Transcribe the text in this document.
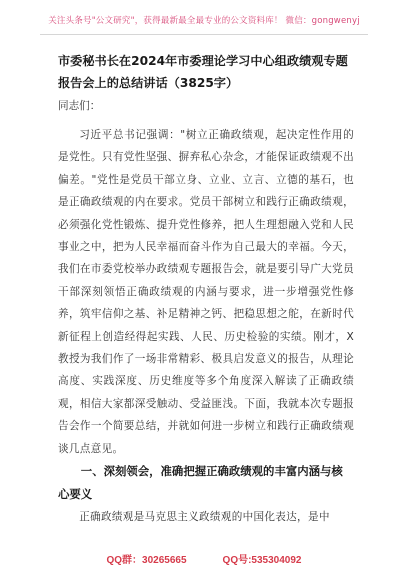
关注头条号"公文研究"，获得最新最全最专业的公文资料库！ 微信：gongwenyj

市委秘书长在2024年市委理论学习中心组政绩观专题报告会上的总结讲话（3825字）

同志们：

习近平总书记强调："树立正确政绩观，起决定性作用的是党性。只有党性坚强、摒弃私心杂念，才能保证政绩观不出偏差。"党性是党员干部立身、立业、立言、立德的基石，也是正确政绩观的内在要求。党员干部树立和践行正确政绩观，必须强化党性锻炼、提升党性修养，把人生理想融入党和人民事业之中，把为人民幸福而奋斗作为自己最大的幸福。今天，我们在市委党校举办政绩观专题报告会，就是要引导广大党员干部深刻领悟正确政绩观的内涵与要求，进一步增强党性修养，筑牢信仰之基、补足精神之钙、把稳思想之舵，在新时代新征程上创造经得起实践、人民、历史检验的实绩。刚才，X教授为我们作了一场非常精彩、极具启发意义的报告，从理论高度、实践深度、历史维度等多个角度深入解读了正确政绩观，相信大家都深受触动、受益匪浅。下面，我就本次专题报告会作一个简要总结，并就如何进一步树立和践行正确政绩观谈几点意见。

一、深刻领会，准确把握正确政绩观的丰富内涵与核心要义

正确政绩观是马克思主义政绩观的中国化表达，是中

QQ群：30265665	QQ号:535304092
